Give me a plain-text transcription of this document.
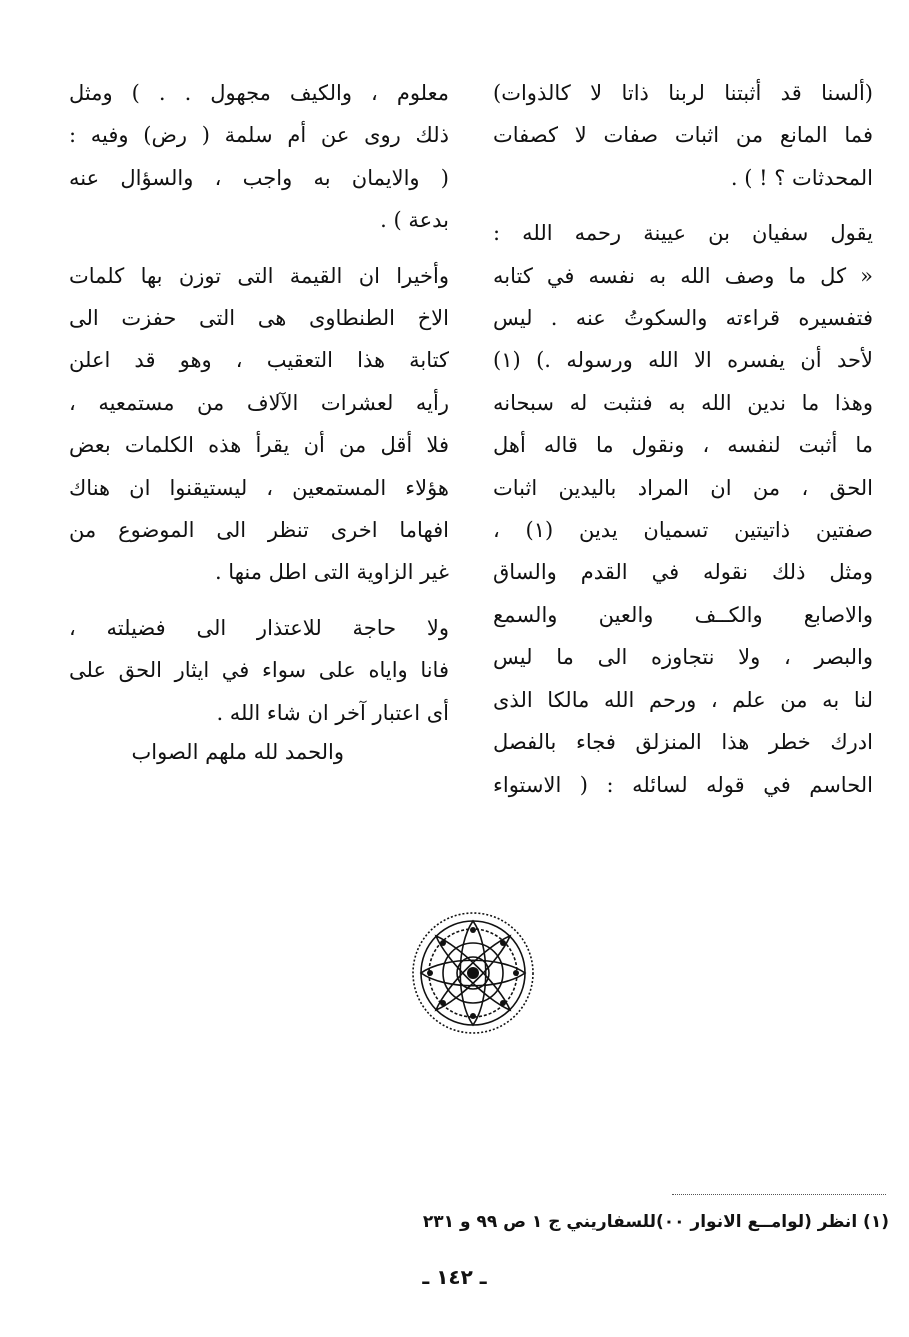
(ألسنا قد أثبتنا لربنا ذاتا لا كالذوات)
فما المانع من اثبات صفات لا كصفات
المحدثات ؟ ! ) .

يقول سفيان بن عيينة رحمه الله :
« كل ما وصف الله به نفسه في كتابه
فتفسيره قراءته والسكوتُ عنه . ليس
لأحد أن يفسره الا الله ورسوله .) (١)

وهذا ما ندين الله به فنثبت له سبحانه
ما أثبت لنفسه ، ونقول ما قاله أهل
الحق ، من ان المراد باليدين اثبات
صفتين ذاتيتين تسميان يدين (١) ،
ومثل ذلك نقوله في القدم والساق
والاصابع والكــف والعين والسمع
والبصر ، ولا نتجاوزه الى ما ليس
لنا به من علم ، ورحم الله مالكا الذى
ادرك خطر هذا المنزلق فجاء بالفصل
الحاسم في قوله لسائله : ( الاستواء

معلوم ، والكيف مجهول . . ) ومثل
ذلك روى عن أم سلمة ( رض) وفيه :
( والايمان به واجب ، والسؤال عنه
بدعة ) .

وأخيرا ان القيمة التى توزن بها كلمات
الاخ الطنطاوى هى التى حفزت الى
كتابة هذا التعقيب ، وهو قد اعلن
رأيه لعشرات الآلاف من مستمعيه ،
فلا أقل من أن يقرأ هذه الكلمات بعض
هؤلاء المستمعين ، ليستيقنوا ان هناك
افهاما اخرى تنظر الى الموضوع من
غير الزاوية التى اطل منها .

ولا حاجة للاعتذار الى فضيلته ،
فانا واياه على سواء في ايثار الحق على
أى اعتبار آخر ان شاء الله .

والحمد لله ملهم الصواب
(١) انظر (لوامــع الانوار ٠٠)للسفاريني ج ١ ص ٩٩ و ٢٣١
ـ ١٤٢ ـ
